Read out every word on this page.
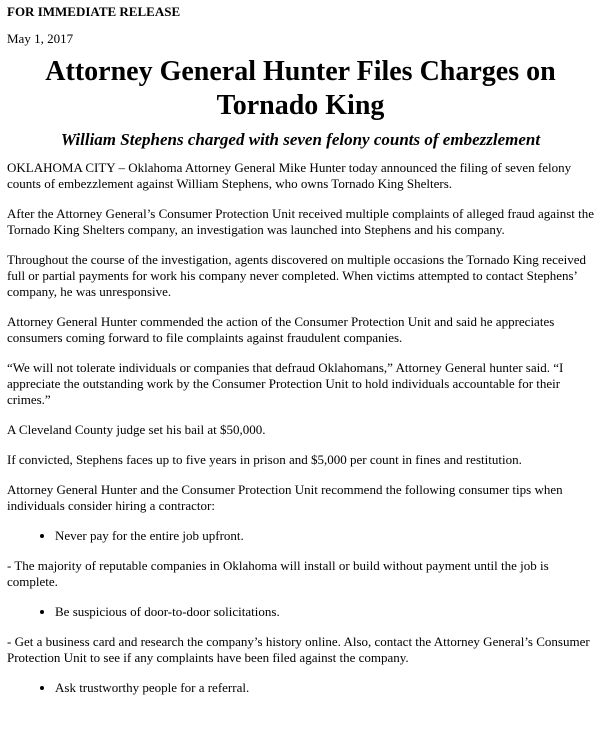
FOR IMMEDIATE RELEASE
May 1, 2017
Attorney General Hunter Files Charges on Tornado King
William Stephens charged with seven felony counts of embezzlement

OKLAHOMA CITY – Oklahoma Attorney General Mike Hunter today announced the filing of seven felony counts of embezzlement against William Stephens, who owns Tornado King Shelters.

After the Attorney General’s Consumer Protection Unit received multiple complaints of alleged fraud against the Tornado King Shelters company, an investigation was launched into Stephens and his company.

Throughout the course of the investigation, agents discovered on multiple occasions the Tornado King received full or partial payments for work his company never completed. When victims attempted to contact Stephens’ company, he was unresponsive.

Attorney General Hunter commended the action of the Consumer Protection Unit and said he appreciates consumers coming forward to file complaints against fraudulent companies.

“We will not tolerate individuals or companies that defraud Oklahomans,” Attorney General hunter said. “I appreciate the outstanding work by the Consumer Protection Unit to hold individuals accountable for their crimes.”

A Cleveland County judge set his bail at $50,000.

If convicted, Stephens faces up to five years in prison and $5,000 per count in fines and restitution.

Attorney General Hunter and the Consumer Protection Unit recommend the following consumer tips when individuals consider hiring a contractor:

• Never pay for the entire job upfront.

- The majority of reputable companies in Oklahoma will install or build without payment until the job is complete.

• Be suspicious of door-to-door solicitations.

- Get a business card and research the company’s history online. Also, contact the Attorney General’s Consumer Protection Unit to see if any complaints have been filed against the company.

• Ask trustworthy people for a referral.
